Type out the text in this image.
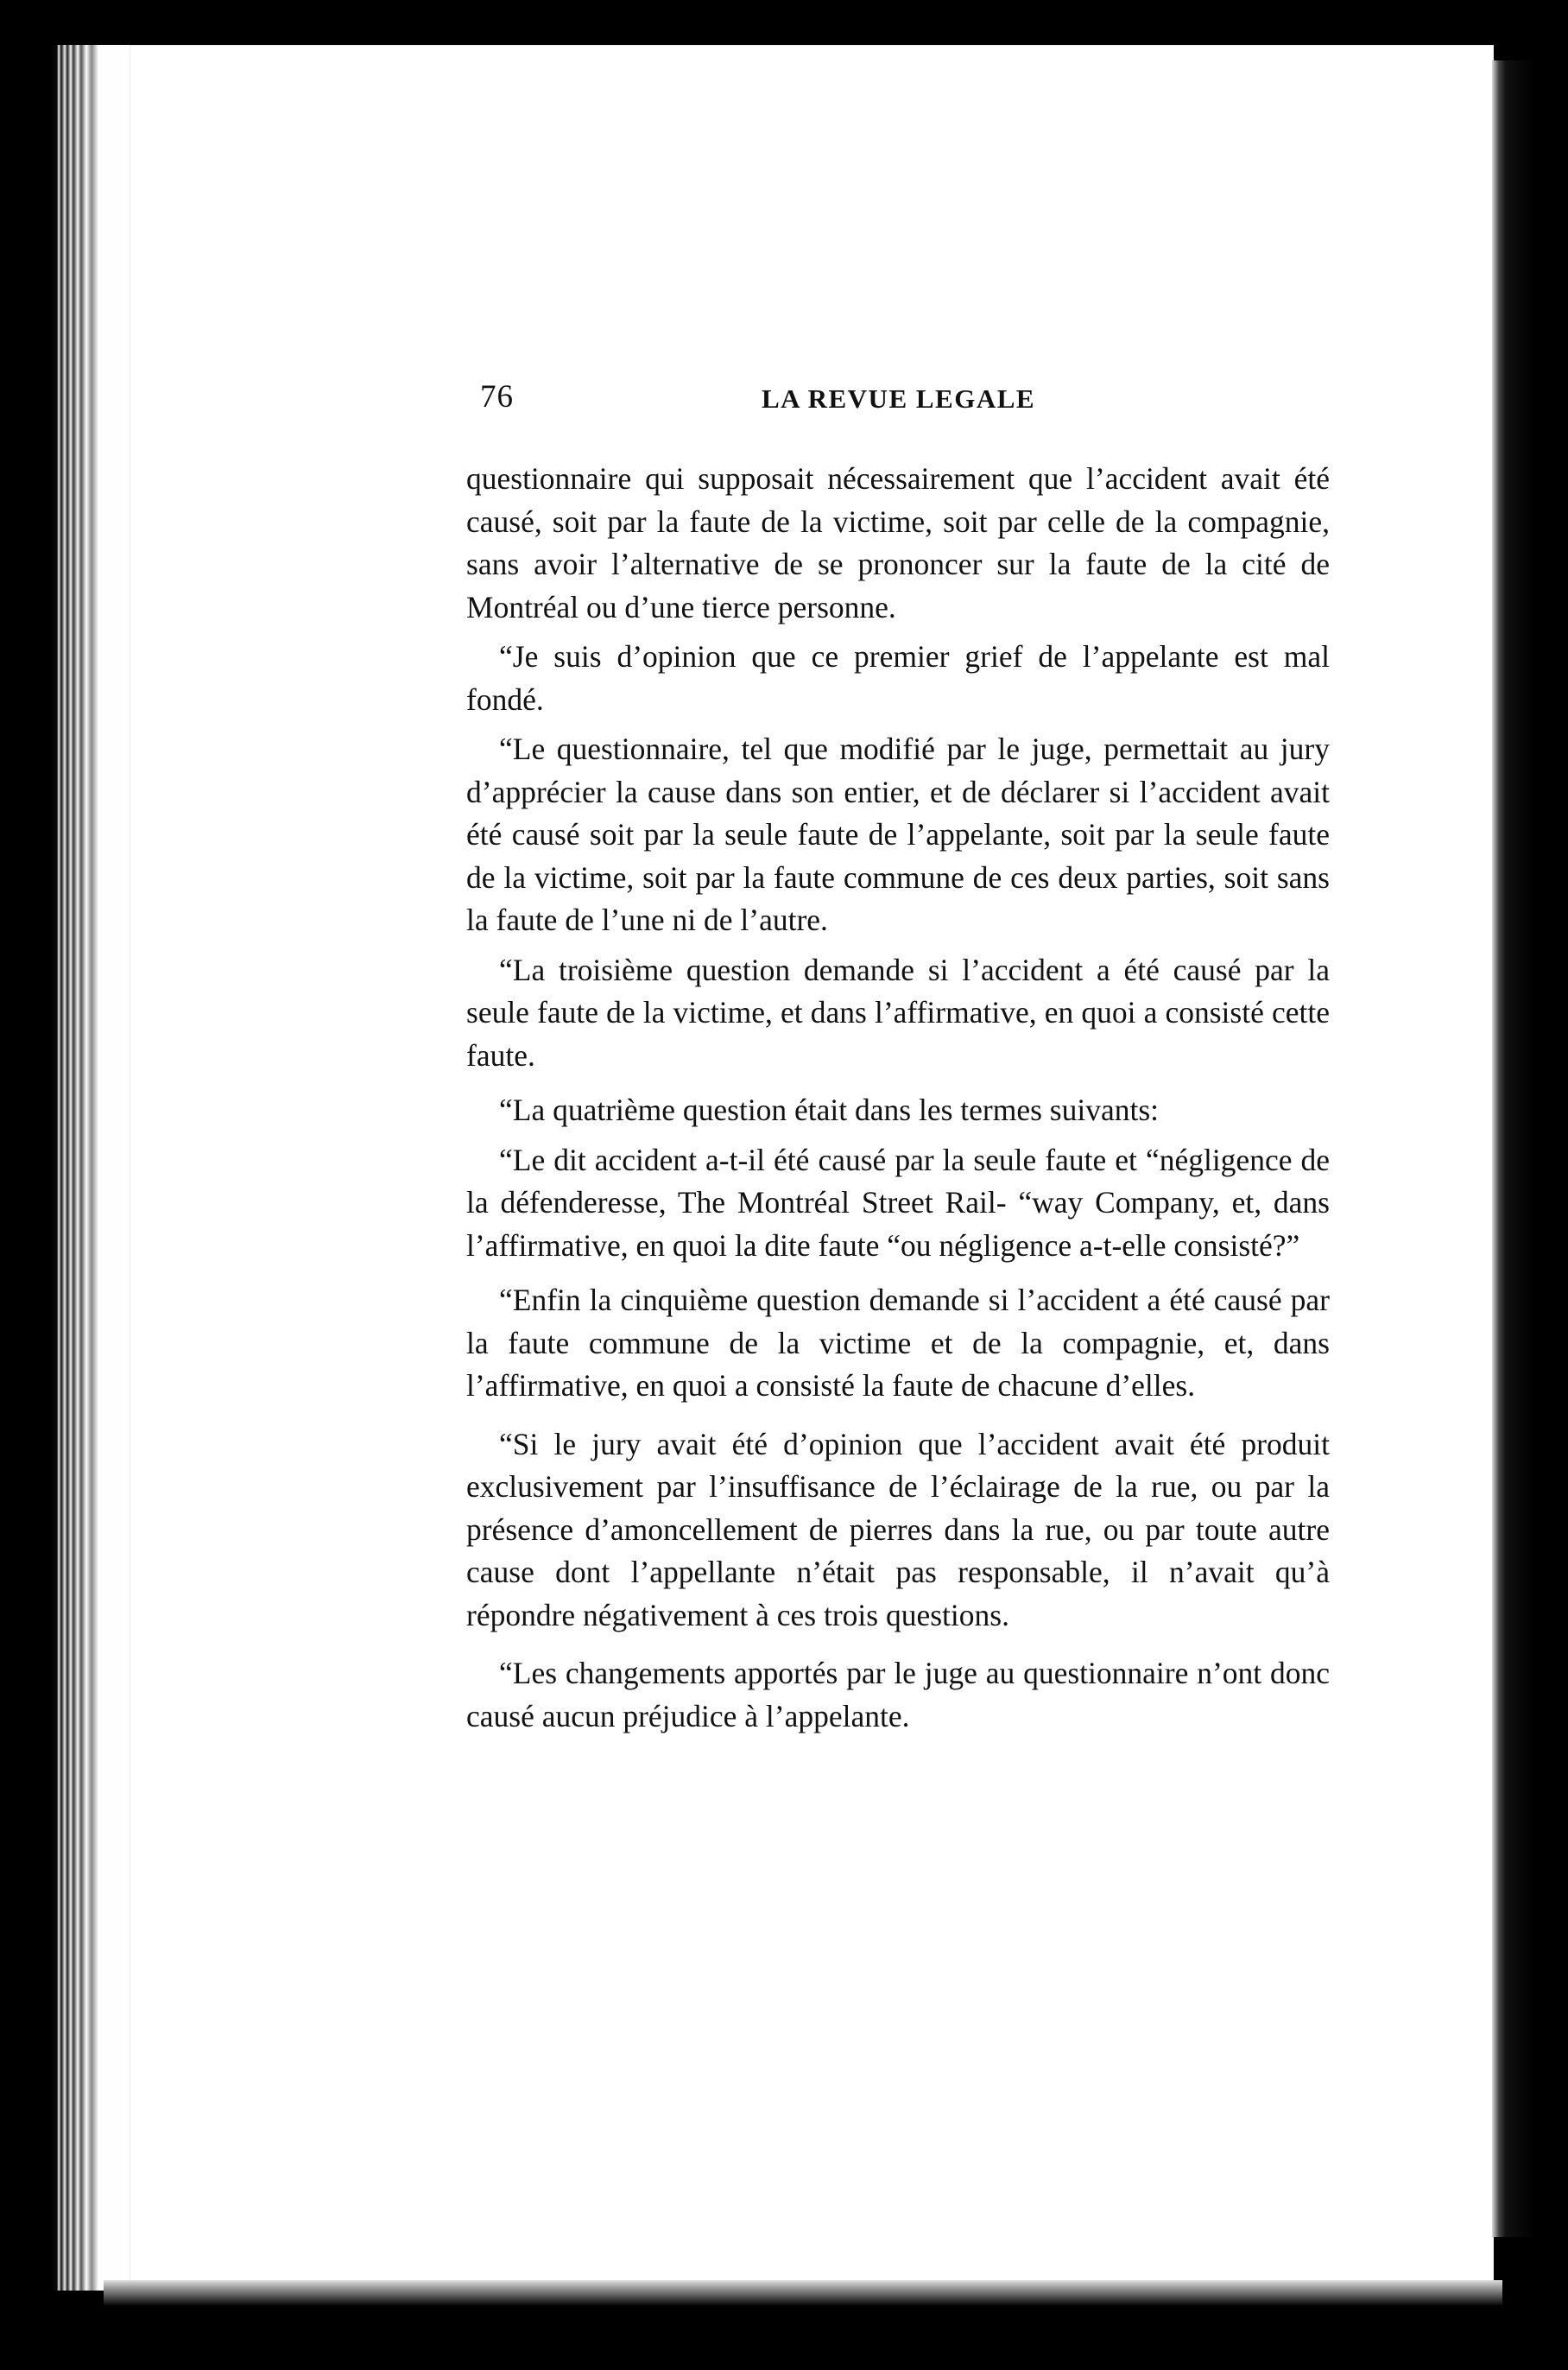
76	LA REVUE LEGALE

questionnaire qui supposait nécessairement que l’accident avait été causé, soit par la faute de la victime, soit par celle de la compagnie, sans avoir l’alternative de se prononcer sur la faute de la cité de Montréal ou d’une tierce personne.

“Je suis d’opinion que ce premier grief de l’appelante est mal fondé.

“Le questionnaire, tel que modifié par le juge, permettait au jury d’apprécier la cause dans son entier, et de déclarer si l’accident avait été causé soit par la seule faute de l’appelante, soit par la seule faute de la victime, soit par la faute commune de ces deux parties, soit sans la faute de l’une ni de l’autre.

“La troisième question demande si l’accident a été causé par la seule faute de la victime, et dans l’affirmative, en quoi a consisté cette faute.

“La quatrième question était dans les termes suivants:

“Le dit accident a-t-il été causé par la seule faute et “négligence de la défenderesse, The Montréal Street Rail- “way Company, et, dans l’affirmative, en quoi la dite faute “ou négligence a-t-elle consisté?”

“Enfin la cinquième question demande si l’accident a été causé par la faute commune de la victime et de la compagnie, et, dans l’affirmative, en quoi a consisté la faute de chacune d’elles.

“Si le jury avait été d’opinion que l’accident avait été produit exclusivement par l’insuffisance de l’éclairage de la rue, ou par la présence d’amoncellement de pierres dans la rue, ou par toute autre cause dont l’appellante n’était pas responsable, il n’avait qu’à répondre négativement à ces trois questions.

“Les changements apportés par le juge au questionnaire n’ont donc causé aucun préjudice à l’appelante.
